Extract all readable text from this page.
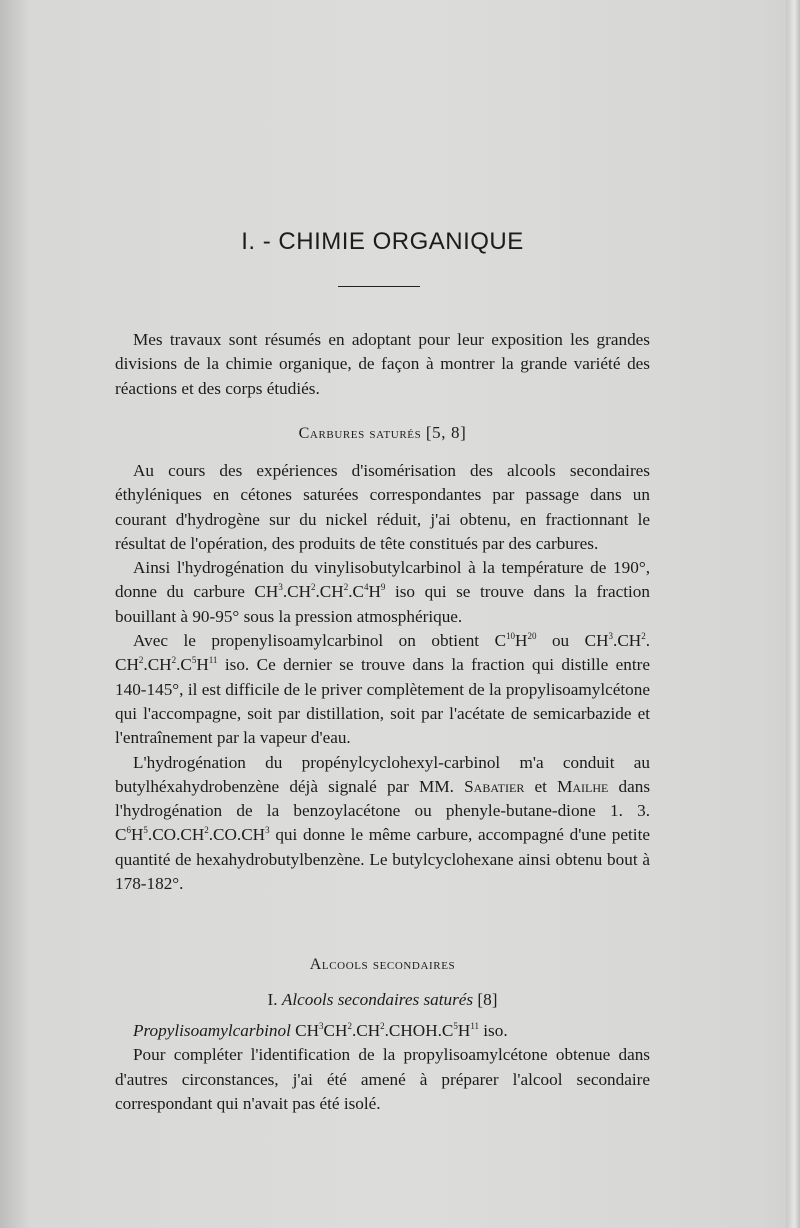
I. - CHIMIE ORGANIQUE

Mes travaux sont résumés en adoptant pour leur exposition les grandes divisions de la chimie organique, de façon à montrer la grande variété des réactions et des corps étudiés.

Carbures saturés [5, 8]

Au cours des expériences d'isomérisation des alcools secondaires éthyléniques en cétones saturées correspondantes par passage dans un courant d'hydrogène sur du nickel réduit, j'ai obtenu, en fractionnant le résultat de l'opération, des produits de tête constitués par des carbures.

Ainsi l'hydrogénation du vinylisobutylcarbinol à la température de 190°, donne du carbure $CH^3.CH^2.CH^2.C^4H^9$ iso qui se trouve dans la fraction bouillant à 90-95° sous la pression atmosphérique.

Avec le propenylisoamylcarbinol on obtient $C^{10}H^{20}$ ou $CH^3.CH^2$. $CH^2.CH^2.C^5H^{11}$ iso. Ce dernier se trouve dans la fraction qui distille entre 140-145°, il est difficile de le priver complètement de la propylisoamylcétone qui l'accompagne, soit par distillation, soit par l'acétate de semicarbazide et l'entraînement par la vapeur d'eau.

L'hydrogénation du propénylcyclohexyl-carbinol m'a conduit au butylhéxahydrobenzène déjà signalé par MM. Sabatier et Mailhe dans l'hydrogénation de la benzoylacétone ou phenyle-butane-dione 1. 3. $C^6H^5.CO.CH^2.CO.CH^3$ qui donne le même carbure, accompagné d'une petite quantité de hexahydrobutylbenzène. Le butylcyclohexane ainsi obtenu bout à 178-182°.

Alcools secondaires
I. Alcools secondaires saturés [8]

Propylisoamylcarbinol $CH^3CH^2.CH^2.CHOH.C^5H^{11}$ iso.

Pour compléter l'identification de la propylisoamylcétone obtenue dans d'autres circonstances, j'ai été amené à préparer l'alcool secondaire correspondant qui n'avait pas été isolé.
